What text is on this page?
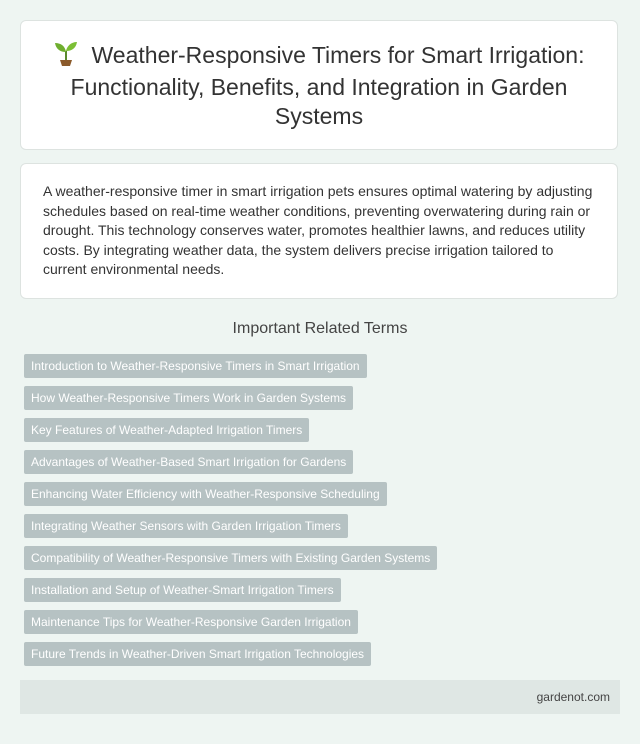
Weather-Responsive Timers for Smart Irrigation: Functionality, Benefits, and Integration in Garden Systems

A weather-responsive timer in smart irrigation pets ensures optimal watering by adjusting schedules based on real-time weather conditions, preventing overwatering during rain or drought. This technology conserves water, promotes healthier lawns, and reduces utility costs. By integrating weather data, the system delivers precise irrigation tailored to current environmental needs.

Important Related Terms
Introduction to Weather-Responsive Timers in Smart Irrigation
How Weather-Responsive Timers Work in Garden Systems
Key Features of Weather-Adapted Irrigation Timers
Advantages of Weather-Based Smart Irrigation for Gardens
Enhancing Water Efficiency with Weather-Responsive Scheduling
Integrating Weather Sensors with Garden Irrigation Timers
Compatibility of Weather-Responsive Timers with Existing Garden Systems
Installation and Setup of Weather-Smart Irrigation Timers
Maintenance Tips for Weather-Responsive Garden Irrigation
Future Trends in Weather-Driven Smart Irrigation Technologies
gardenot.com
